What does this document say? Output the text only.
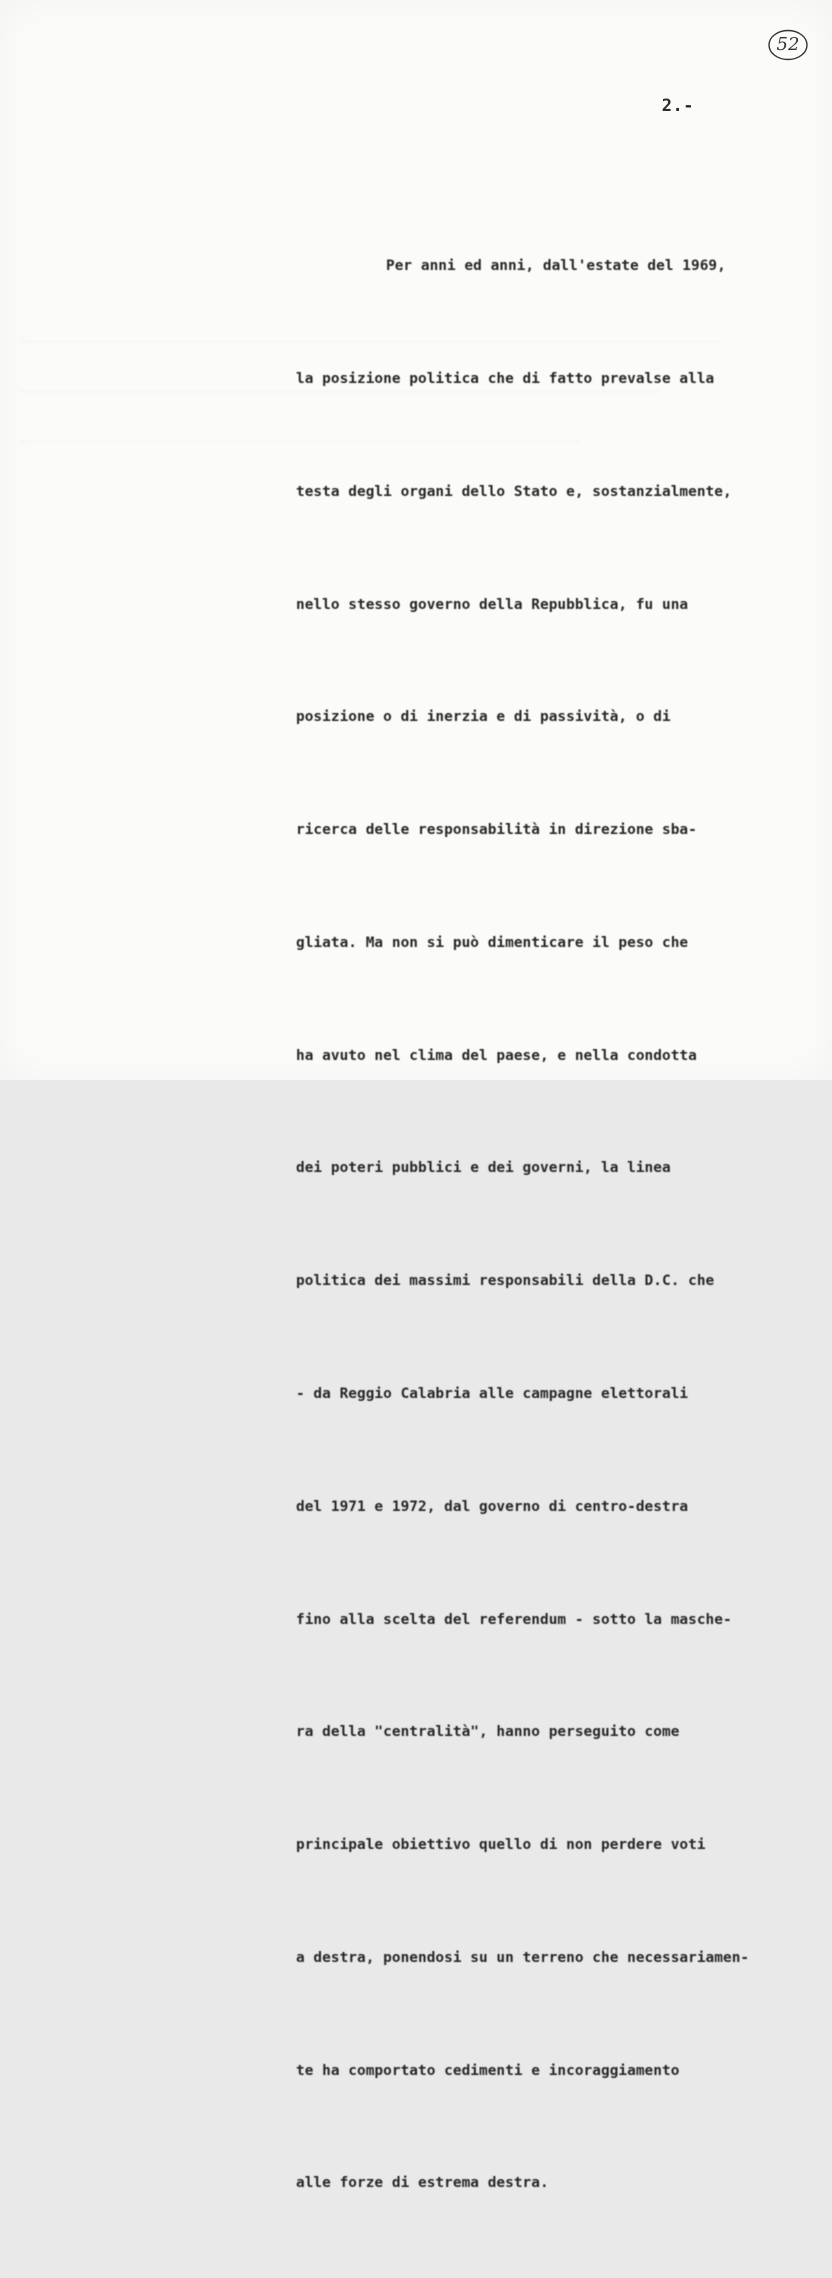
52
2.-

Per anni ed anni, dall'estate del 1969,

la posizione politica che di fatto prevalse alla

testa degli organi dello Stato e, sostanzialmente,

nello stesso governo della Repubblica, fu una

posizione o di inerzia e di passività, o di

ricerca delle responsabilità in direzione sba-

gliata. Ma non si può dimenticare il peso che

ha avuto nel clima del paese, e nella condotta

dei poteri pubblici e dei governi, la linea

politica dei massimi responsabili della D.C. che

- da Reggio Calabria alle campagne elettorali

del 1971 e 1972, dal governo di centro-destra

fino alla scelta del referendum - sotto la masche-

ra della "centralità", hanno perseguito come

principale obiettivo quello di non perdere voti

a destra, ponendosi su un terreno che necessariamen-

te ha comportato cedimenti e incoraggiamento

alle forze di estrema destra.
